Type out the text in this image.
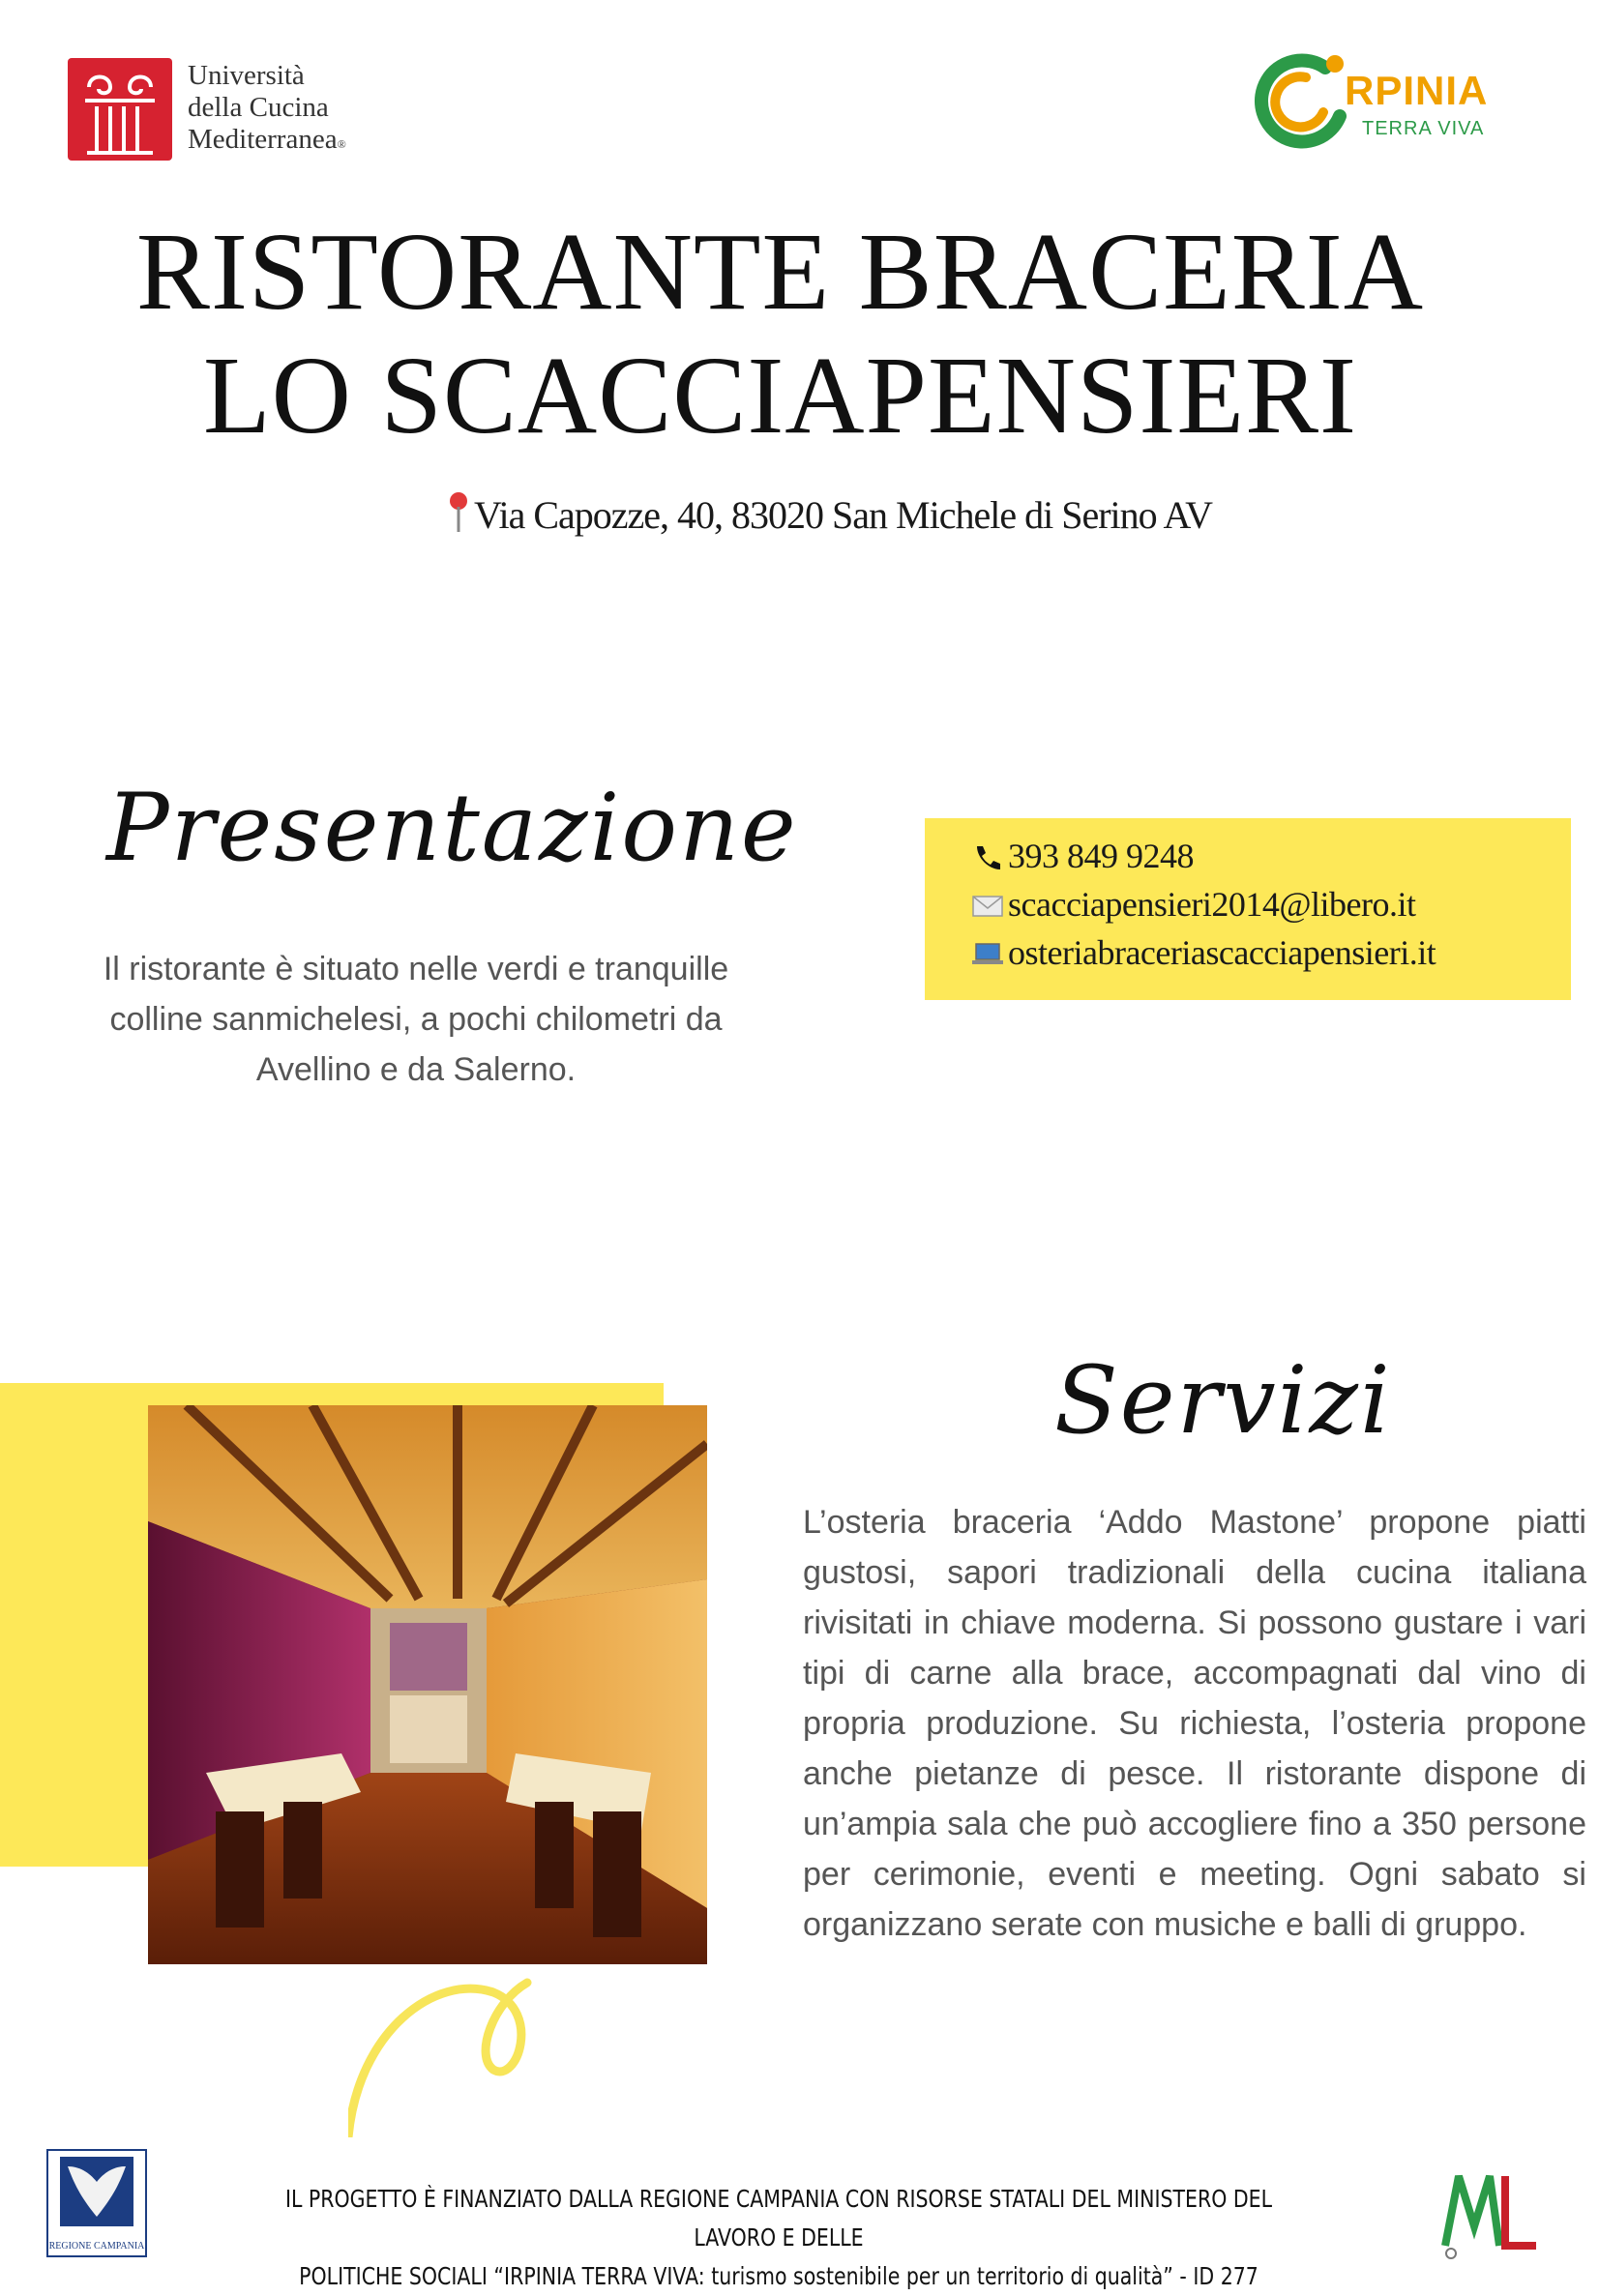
Università
della Cucina
Mediterranea®
RPINIA
TERRA VIVA
RISTORANTE BRACERIA
LO SCACCIAPENSIERI
Via Capozze, 40, 83020 San Michele di Serino AV
Presentazione
Il ristorante è situato nelle verdi e tranquille colline sanmichelesi, a pochi chilometri da Avellino e da Salerno.
393 849 9248
scacciapensieri2014@libero.it
osteriabraceriascacciapensieri.it
Servizi
L’osteria braceria ‘Addo Mastone’ propone piatti gustosi, sapori tradizionali della cucina italiana rivisitati in chiave moderna. Si possono gustare i vari tipi di carne alla brace, accompagnati dal vino di propria produzione. Su richiesta, l’osteria propone anche pietanze di pesce. Il ristorante dispone di un’ampia sala che può accogliere fino a 350 persone per cerimonie, eventi e meeting. Ogni sabato si organizzano serate con musiche e balli di gruppo.
REGIONE CAMPANIA
IL PROGETTO È FINANZIATO DALLA REGIONE CAMPANIA CON RISORSE STATALI DEL MINISTERO DEL LAVORO E DELLE
POLITICHE SOCIALI “IRPINIA TERRA VIVA: turismo sostenibile per un territorio di qualità” - ID 277
